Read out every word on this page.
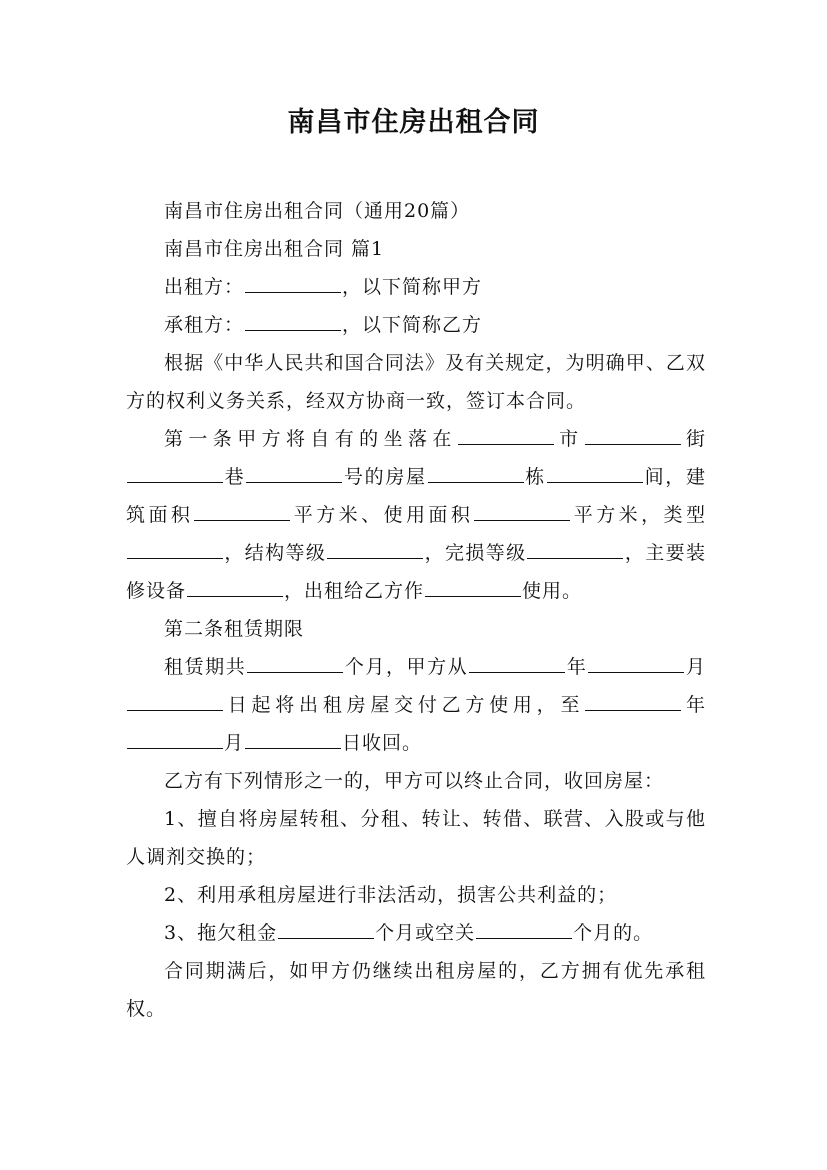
南昌市住房出租合同

南昌市住房出租合同（通用20篇）

南昌市住房出租合同 篇1

出租方：	，以下简称甲方

承租方：	，以下简称乙方

根据《中华人民共和国合同法》及有关规定，为明确甲、乙双方的权利义务关系，经双方协商一致，签订本合同。

第一条甲方将自有的坐落在	市	街巷	号的房屋	栋	间，建筑面积	平方米、使用面积	平方米，类型，结构等级	，完损等级	，主要装修设备	，出租给乙方作	使用。

第二条租赁期限

租赁期共	个月，甲方从	年	月日起将出租房屋交付乙方使用，至	年月	日收回。

乙方有下列情形之一的，甲方可以终止合同，收回房屋：

1、擅自将房屋转租、分租、转让、转借、联营、入股或与他人调剂交换的；

2、利用承租房屋进行非法活动，损害公共利益的；

3、拖欠租金	个月或空关	个月的。

合同期满后，如甲方仍继续出租房屋的，乙方拥有优先承租权。
